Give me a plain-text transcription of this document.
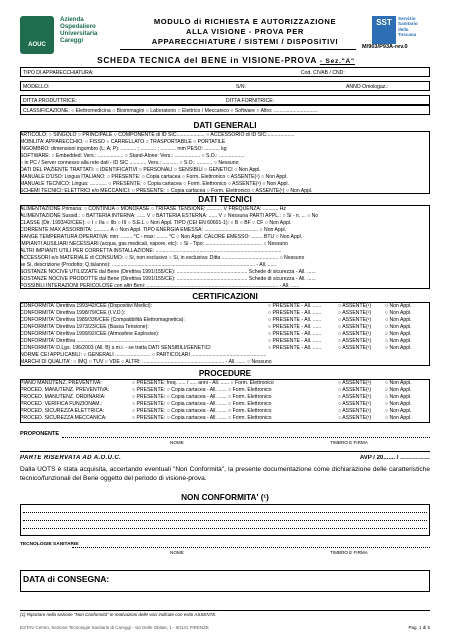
AOUC
Azienda
Ospedaliero
Universitaria
Careggi
MODULO di RICHIESTA E AUTORIZZAZIONE
ALLA VISIONE - PROVA PER
APPARECCHIATURE / SISTEMI / DISPOSITIVI
SST	Servizio
Sanitario
della
Toscana
M/903/P93A-rev.0
SCHEDA TECNICA del BENE in VISIONE-PROVA - Sez."A"
TIPO DI APPARECCHIATURA:	Cod. CIVAB / CND:
MODELLO:	S/N:	ANNO Omologaz.:
DITTA PRODUTTRICE:	DITTA FORNITRICE:
CLASSIFICAZIONE: ○ Elettromedicina ○ Bioimmagini ○ Laboratorio ○ Elettrico / Meccanico ○ Software ○ Altro: ...............................
DATI GENERALI
ARTICOLO: ○ SINGOLO ○ PRINCIPALE ○ COMPONENTE di ID SIC:................... ○ ACCESSORIO di ID SIC:...................
MOBILITA' APPARECCHIO: ○ FISSO ○ CARRELLATO ○ TRASPORTABILE ○ PORTATILE
INGOMBRO: dimensioni ingombro (L; A; P): ........... ; ........... ; ........... mm PESO: ........... kg
SOFTWARE: ○ Embedded: Vers.: .................. ○ Stand-Alone: Vers.: .................. ○ S.O.: ..................
○ in PC / Server connesso alla rete dati - ID SIC ............ Vers.: ........... ○ S.O.: ........... ○ Nessuno
DATI DEL PAZIENTE TRATTATI: ○ IDENTIFICATIVI ○ PERSONALI ○ SENSIBILI ○ GENETICI ○ Non Appl.
MANUALE D'USO: Lingua ITALIANO: ○ PRESENTE: ○ Copia cartacea ○ Form. Elettronico ○ ASSENTE(¹) ○ Non Appl.
MANUALE TECNICO: Lingua: ............ ○ PRESENTE: ○ Copia cartacea ○ Form. Elettronico ○ ASSENTE(¹) ○ Non Appl.
SCHEMI TECNICI: ELETTRICI e/o MECCANICI: ○ PRESENTE: ○ Copia cartacea ○ Form. Elettronico ○ ASSENTE(¹) ○ Non Appl.
DATI TECNICI
ALIMENTAZIONE Primaria: ○ CONTINUA ○ MONOFASE ○ TRIFASE TENSIONE: ........... V FREQUENZA: ........... Hz
ALIMENTAZIONE Sussid.: ○ BATTERIA INTERNA: ...... V ○ BATTERIA ESTERNA: ...... V ○ Nessuna PARTI APPL.: ○ Si - n. ... ○ No
CLASSE (Dir. 1993/42/CEE): ○ I ○ IIa ○ IIb ○ III ○ S.E.L ○ Non Appl. TIPO (CEI EN 60601-1): ○ B ○ BF ○ CF ○ Non Appl.
CORRENTE MAX ASSORBITA: ........... A ○ Non Appl. TIPO ENERGIA EMESSA: ...................................... ○ Non Appl.
RANGE TEMPERATURA OPERATIVA: min: ........ °C - max: ........ °C ○ Non Appl. CALORE EMESSO: ........ BTU ○ Non Appl.
IMPIANTI AUSILIARI NECESSARI (acqua, gas medicali, vapore, etc): ○ Si - Tipo: ........................................ ○ Nessuno
ALTRI IMPIANTI UTILI PER CORRETTA INSTALLAZIONE: .........................................................................................
ACCESSORI e/o MATERIALE di CONSUMO: ○ Si, non esclusivo ○ Si, in esclusiva: Ditta ........................................ ○ Nessuno
se Si, descrizione (Prodotto; Q.tà/anno): ..................................................................................................... - All. ......
SOSTANZE NOCIVE UTILIZZATE dal Bene (Direttiva 1991/155/CE): .................................................. Schede di sicurezza - All. ......
SOSTANZE NOCIVE PRODOTTE dal Bene (Direttiva 1991/155/CE): .................................................. Schede di sicurezza - All. ......
POSSIBILI INTERAZIONI PERICOLOSE con altri Beni: ............................................................................................. - All. ......
CERTIFICAZIONI
CONFORMITA' Direttiva 1993/42/CEE (Dispositivi Medici):	○ PRESENTE - All. ......	○ ASSENTE(¹)	○ Non Appl.
CONFORMITA' Direttiva 1998/79/CEE (I.V.D.):	○ PRESENTE - All. ......	○ ASSENTE(¹)	○ Non Appl.
CONFORMITA' Direttiva 1989/336/CEE (Compatibilità Elettromagnetica):	○ PRESENTE - All. ......	○ ASSENTE(¹)	○ Non Appl.
CONFORMITA' Direttiva 1973/23/CEE (Bassa Tensione):	○ PRESENTE - All. ......	○ ASSENTE(¹)	○ Non Appl.
CONFORMITA' Direttiva 1999/92/CEE (Atmosfere Esplosive):	○ PRESENTE - All. ......	○ ASSENTE(¹)	○ Non Appl.
CONFORMITA' Direttiva ...........................................................	○ PRESENTE - All. ......	○ ASSENTE(¹)	○ Non Appl.
CONFORMITA' D.Lgs. 196/2003 (All. B) s.m.i. - se tratta DATI SENSIBILI/GENETICI	○ PRESENTE - All. ......	○ ASSENTE(¹)	○ Non Appl.
NORME CEI APPLICABILI: ○ GENERALI ......................... ○ PARTICOLARI .....................................................
MARCHI DI QUALITA': ○ IMQ ○ TUV ○ VDE ○ ALTRI: .......................................................... - All. ...... ○ Nessuno
PROCEDURE
PIANO MANUTENZ. PREVENTIVA:	○ PRESENTE: freq. ..... / ..... anni - All. ...... ○ Form. Elettronico	○ ASSENTE(¹)	○ Non Appl.
PROCED. MANUTENZ. PREVENTIVA:	○ PRESENTE: ○ Copia cartacea - All. ...... ○ Form. Elettronico	○ ASSENTE(¹)	○ Non Appl.
PROCED. MANUTENZ. ORDINARIA:	○ PRESENTE: ○ Copia cartacea - All. ...... ○ Form. Elettronico	○ ASSENTE(¹)	○ Non Appl.
PROCED. VERIFICA FUNZIONAM.:	○ PRESENTE: ○ Copia cartacea - All. ...... ○ Form. Elettronico	○ ASSENTE(¹)	○ Non Appl.
PROCED. SICUREZZA ELETTRICA:	○ PRESENTE: ○ Copia cartacea - All. ...... ○ Form. Elettronico	○ ASSENTE(¹)	○ Non Appl.
PROCED. SICUREZZA MECCANICA:	○ PRESENTE: ○ Copia cartacea - All. ...... ○ Form. Elettronico	○ ASSENTE(¹)	○ Non Appl.
PROPONENTE
NOME	TIMBRO E FIRMA
PARTE RISERVATA AD A.O.U.C.	AVP / 20....... / ……………
Dalla UOTS è stata acquisita, accertando eventuali "Non Conformità", la presente documentazione come dichiarazione delle caratteristiche tecnico/funzionali del Bene oggetto del periodo di visione-prova.
NON CONFORMITA' (¹)
TECNOLOGIE SANITARIE
NOME	TIMBRO E FIRMA
DATA di CONSEGNA:
(1) Riportare nella sezione "Non Conformità" le motivazioni delle voci indicate con esito ASSENTE.
ESTAV Centro, Sezione Tecnologie Sanitarie di Careggi - via Delle Oblate, 1 - 50141 FIRENZE	Pag. 1 di 5
